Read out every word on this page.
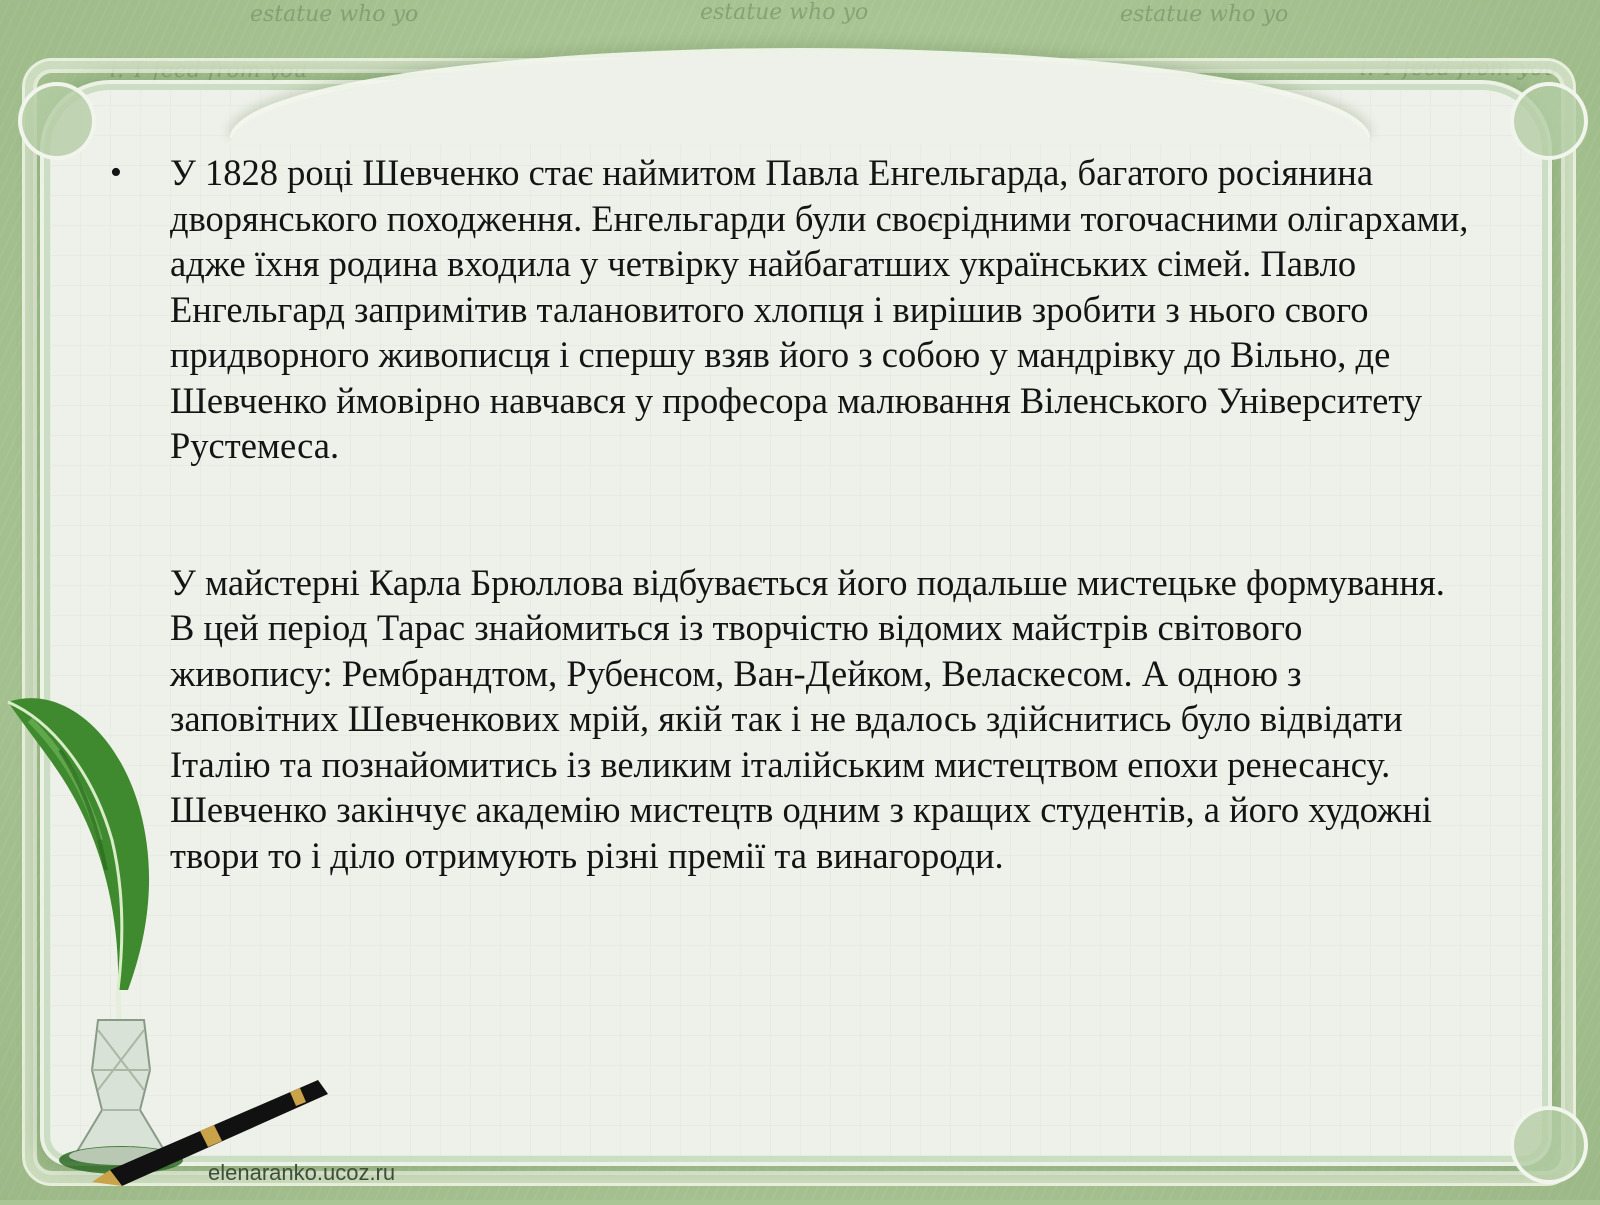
estatue who yo	estatue who yo	estatue who yo
l. T feed from you	l. T feed from you
•	У 1828 році Шевченко стає наймитом Павла Енгельгарда, багатого росіянина дворянського походження. Енгельгарди були своєрідними тогочасними олігархами, адже їхня родина входила у четвірку найбагатших українських сімей. Павло Енгельгард запримітив талановитого хлопця і вирішив зробити з нього свого придворного живописця і спершу взяв його з собою у мандрівку до Вільно, де Шевченко ймовірно навчався у професора малювання Віленського Університету Рустемеса.
У майстерні Карла Брюллова відбувається його подальше мистецьке формування. В цей період Тарас знайомиться із творчістю відомих майстрів світового живопису: Рембрандтом, Рубенсом, Ван-Дейком, Веласкесом. А одною з заповітних Шевченкових мрій, якій так і не вдалось здійснитись було відвідати Італію та познайомитись із великим італійським мистецтвом епохи ренесансу. Шевченко закінчує академію мистецтв одним з кращих студентів, а його художні твори то і діло отримують різні премії та винагороди.
elenaranko.ucoz.ru
